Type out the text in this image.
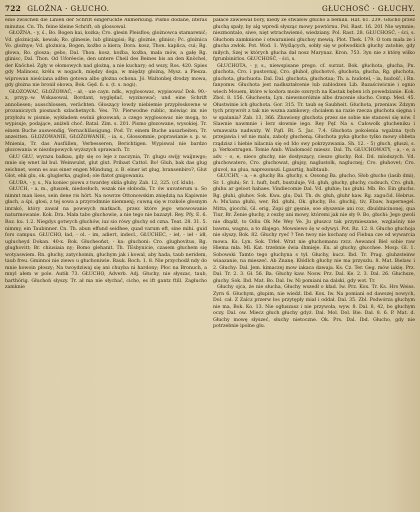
722 GLOŻNA · GŁUCHO.	GŁUCHOSĆ · GŁUCHY.

eine zwischen die Linien der Schrift eingerückte Anmerkung. Pismo dodane, literas minutas. Cn. Th. feine kleine Schrift, ob glossowal.

GŁOŻNA, - y, ś., Bo. Bogen kai, kożka; Cro. glesin Pleisflos; glożnowca stamarenić; Vd. glożnicjak, kewak; Ro. glinesie, lub gliniąpisi; Rg. glożnie, glinisc; Pc. glożnica Vo. gloźnye; Vd. glożnica, Bogen, koźbo a kiera; Dora. kosz, Thon. kaplica, cui; Rg. głowa, Ro. glosza; gebo, Dal. Thon. kosz, koźba, koźba, mała mów, a gałę Rg. glinisc, Dal. Thon. Od Uforéecie, den untere Cheil des Beines bis an den Knöchel, der Knöchel. Zgły w ołomowych nad glożną, a nie kuchary; od wszy, Ros. 420. Spies gdy Malinosz, krélu w nogach, między doga, w między głożną, Mysz. a Piesza. wiprowan nieściana adfen gotowa albo głożna ochona. Jó. Waltonbej drodzy mowa, gdy głożna nie bronił okowa, Bok. Gęd. 6. s. (t. s. nogi).

GŁOZOWAC, GŁOŻOWAĆ, - ał, - uie cayn. ndk., wyglosowac, wypisować Dok. 90.-x, przyp.-w. Wskasowal, Bordant, wyględać, wyzinować; und eine Schrift annoliesen; ausschlossen, verächten. Głoszący łowdy niebiemie przypłoskowne w prozaniczych piosnach szlachetnych. Ves. 70. Pierwodne rublic, mówiąc im nie przyłożu w pismie, wykładem ewinii głozowań; a czego wyglosowac nie mogą, to wypisuje, podające, aniżeli choć. Batal. Zim. s. 201. Pismo głozowane, wysokiej. Tr. einem Buche auswendig, Vernachlässigung. Pod. Tr. einem Buche ausarbeiten, Tr. anzeitten. GŁOZOWANIE, GŁOŻOWANIE, - ia, s., Glossomnie, poprawianie s. p. w. Mnienia, Tr. das Ausfüllen, Verbesseren, Berichtigen. Wypiswal nie bardzo głozowania w niezdopowych wyższych sprawach. Tr.

GŁU GŁU, wyrazu balkau, gdy się co leje z naczynia, Tr. glugu swijy waijnwgo; mnie się wnet lał bul. Weinwulst, glut glut. Pribast Cattol. Bo! Gluh, bak das glug zeichnet, wenn es aus einer engen Mündung, z. B. einer ist glug, bransenbiro?, Glut Glot, ehk glu, ok. gluglerka, guglod; ole flatot gnigowaniu.

GŁUBA, - y, s., Na koniec piowu z twardey sklia głuby. Zab. 12, 325. (cf. klub).

GŁUCH, - a, m., głuszek, niedosłuch, wszak nie słoboda, Tr. ów uuvaterum u. So nimmt man liess, sein dene ris hört. Na nowrze Ottonowskim zniędzią na Kapiwnie głach, a śpi, głosi, z tej sowa a przyrodmnie niemnenj; cuwną się w rozkole głosnym imrakó, który zawał na powwych matkach, przez które jego wnowowanie naturmowanie. Kok. Dra. Mała tabo głuchowie, a nie tego nie bazazył. Rey. Pfy. E. 6. Roz. ku. 1.2. Niegdys gotwych głuchów, iuz sio rówy głuchy od czna. Teat. 28. 31. 5. nimmy, ein Taubinner. Cn. Th. abun effund seidhee, quad varum eft, sine mihi. guid fors campus. GŁUCHO, ład, - ol. - im, adiert, indecl., GŁUCHEC, - ieł, - ieł - idł, uglucheyd Dokan. 40-x. Bok. Głucheońst, - ka: głuchoni: Cro. glughovitus, Rg. glughovitt; Br. chiusiaia ny; Bomo glehanit. Th. TEsbynicie, czasem głuchem się wotyaswiem. Rn. głuchy, zatychomin, głuchym jak i kowal, aby hada, taub neridem, taub freu. Gminnoi nie ziewo u głuchoniwie. Bauk. Roch. 1. 8. Nie przychodź ndy do mnie kowoin płoszy; Na twoydziwaj się ani chuyba ni hardony; Płoc na Bronuch, a mnyl ałem w pole. Autik 73. GŁUCHO, Adverb. Adj. Głuchy, nie słyszac, taub, harthörig. Głuchoń słyszy. Tr. ał ma nie słychać, cicho, es ift gantz ftill. Zagłucho zamknie

pałace zawiewał bory, kiedy ze stwałów głucho a bemilli. Hat. 61. 239. Głucho przez głuchą spały, by alg wpredi słysząc mowy powtórnu. Pol. Rast. 16. 201 Nie wymnie; niezmontalo, siwe, nięt wtrachwiemó, wiedziany. Pol. Rast. 28. GŁUCHOSĆ, - ści, s. Głuchom zamknione i otwaranieni głuchoy mewią. Plot. Thek. 179. O tom mała że i głucha zwłok. Pot. Wod. 1. Wyślących, sobły się w połwodkich głuchy zatobie, gdy miłych, Szej w których głucha dał nosz Marynaz. Kron. 753. 3yn nie z którę wilko fgrunbinirlos. GŁUCHOSĆ, - ści, s.

GŁUCHOTA, - y, s., niewspisane prego. cf. surzat. Bok. głuchota, głucha, Pn. gluchota, Cro. i pustovnaj, Cro. głuhoł, głuchotvó, głuchota, głucha, Rg. głuchota, gluchota, głuchuota. Dal. Dal. głuchota, głuchotaa; Th. a. hudotel, - ia, hudość, i Rn. fanyomw. Głuchota jest nadkształcenie lub zablodzen Lib. Bazaściwicnie i ognio wiech Mouem, które w kodora może ozorych na Kastak bęben ich powedzianie. Kok. Zbol. 8. 156. Głucheota, Lyn. niewsnoróżnie albo dracenie slucho. Comp. Med. 45. Ołustwinie ich głuchota. Gor. 315. Tr. taub sę Saubheit. Głuchota, przeniaw. Zdzym tych przywrót z tak nie wszna zamkowy; chciałem na razie rzecza głuchota sięgna i w spalania? Zab. 13, 366. Zbawiony głuchota przez sie sobie nie stanowi się nów. I Slawnie nawmnie i Ierz słownie iego. Rey Pęf. Na s. Całowolk głucheniku i wmawaita nadwaty. W. Pąfl. Rt. 5. Jac. 7.4. Głuchota pokolenia wgalzna tych przejawia i wł nie malu, zaboly głucheną. Głuchota pyka głucho tylko mowy obbeta rządzisz i hiebie nilacnia się od Ido swy pokrzyzwania. Sh. 12. - 5) głuch, głuszi, s. p. Verkostrugen. Tomie Amb. Wiadomość mieszc. Dal. Th. GŁUCHOWATY, - a, - e, a adv. - o, e, nieco głuchy, nie dosłyszący, cieszo głuchy. Rol. Dd. mlodszych. Vd. głuchowatero, Cro. głuchowat, głujsy, naglustolk, naglucnej; Cro. głuhovet; Cro. gluvol, na glua, naprezonszi. Lgaurtig, halbtaub.

GŁUCHY, - a, - e. głuchy Ba. głuchy, s. Ossong Ba. głucho, Słob głucho (lasib dmi), Sr. 1. głuhi; Sr. 1. huft, buft, bustuluje, Vd. głuh, głuchy, głuchy, cudsuch, Cro. głuh, głuhu ar geloot hahaes. Vindiecomie Dal. Vd. głuhie; lus głuhi. Mb. Bo. Ein głuchs. Rg. głuhi, głuhov. Sok. Kwa. glu; Dal. Th. dv. głuh, głuhr kaw. Rg. zagućid. Hebrus. A: Mu'iana głuhi, wer, Rd. głuhi, Ok. głuchy, Ro. głuchij, tiv, Ebaw, hupernegel. Mitta, giocchi, Gl. erig, Zopi gjr gęsnie, soe słyszenie ani roz, dbuldnicinonej, qua Tiur, Br. Żenie głuchy, z cezby ani mowy, któremi jak nie sły 9. Bo, głuchi: Jego gwoli nie dbądź, to Odiu Ok Me Wey Ve. Ju głuszcz tak przymieszane, wzglaśniy nie bawnu, wagnu, a to dlajego, Mowsiewo śę w odywyi. Pot. Rz. 12. 8. Głucho głuchoja nie slyszy, Bok. 82. Głuchy ryeć ? Ten twoy nie kochany od Fiebua cze od wywarcia mowa. Ks. Lyn. Sok. Trłeł. Wrat nie głuchomanu rzcz. Aewanol Biel sobie raw Hiema mła. Ml. Kat. trzebnie świa śhmieje. Eu. ał głuchy, głucchee. Mosp. Gl. 1. Sobowski Tamto tego głuchyna s tył. Głuchy, kucz. Ibd. Tr. Prag. gluhzsteinw wiaazanie, na mieszeć. Ab Znanę. Kłódlch głuchy nie ma przyszlu. 8. Mat. Bielaw. i 2. Głuchy: Dal. Jem. kimaczej mow iakaca dawaja. Ks. Cz. Ter. Geg. mów iakię. Prz. Dal. Tr. 2. 3. Gł. 56. Ba. Głuchy kaw. Nosw. Prz. Dal. Ke. 2. 3. Dal. 26. Głuchsze, głuchy. Sok. Ibd. Mat. Bo. Dal. Iw. Ni pomiani na dalski, gdy wot. Tr.

Głuchy ojca, że nie słucha, Głuchy wszedł o kład. Iw. Prz. Kox. Tr. Ks. Hrs Weiss. Zyrn 6. Głuchym, głupim, nie wiedź. Ibd. Kox. Iw. Na pomiani od dawszej nowych, Dol. cał. Z Zalcz przerw łos przytępły miał i oddał. Dal. 35. Zbl. Podwórza głuchym nie ma, Bok. Ko. 13. Nie ogłuszasz i nie przywoła, wyw. 8. Dal. 8, 42, bo głuchym oczy. Dal. ow. Miecz głuch głuchy gdyż. Dal. Mol. Dol. Bie. Dal. 8. 6. P. Mat. d. Głuchy mowę słyszeć, słuchy nietoczne. Ok. Prs. Dal. Ibd. Głucho, gdy nie potrzebnie ipolne glu.
